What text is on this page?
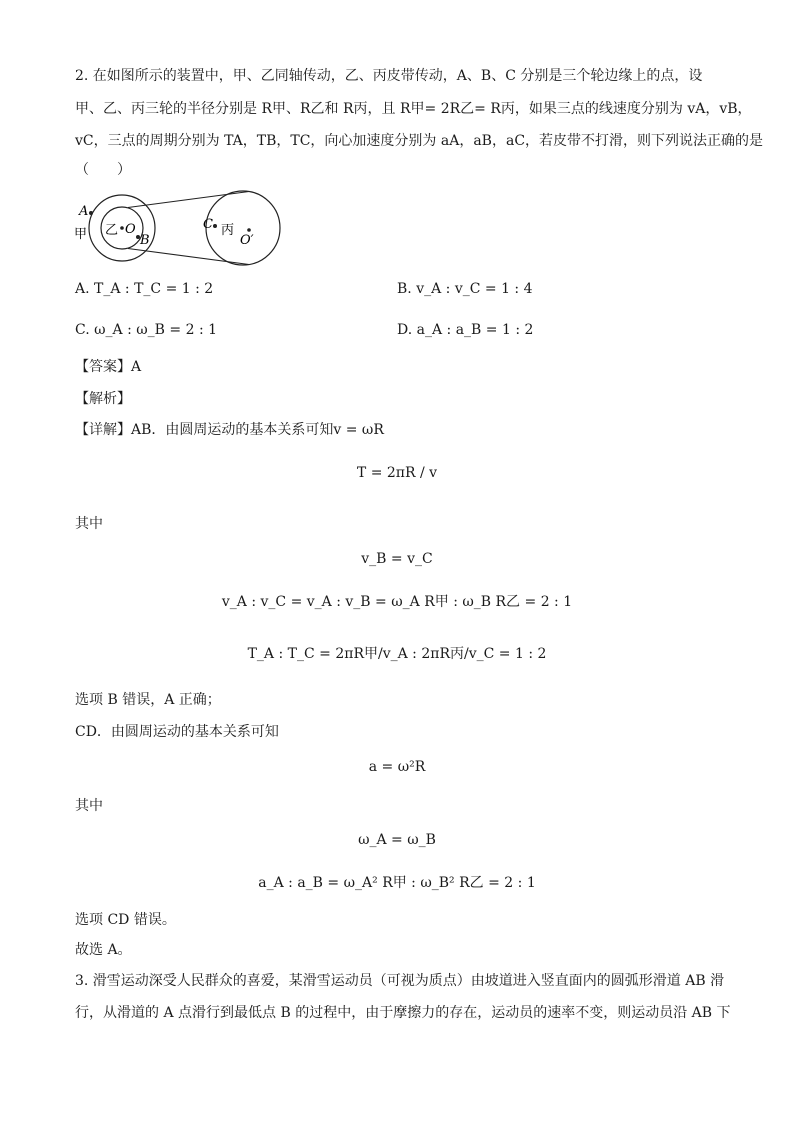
2. 在如图所示的装置中，甲、乙同轴传动，乙、丙皮带传动，A、B、C 分别是三个轮边缘上的点，设
甲、乙、丙三轮的半径分别是 R甲、R乙和 R丙，且 R甲= 2R乙= R丙，如果三点的线速度分别为 vA，vB，
vC，三点的周期分别为 TA，TB，TC，向心加速度分别为 aA，aB，aC，若皮带不打滑，则下列说法正确的是
（　　）
A
甲 乙 O
B
C 丙
O′
A. T_A : T_C = 1 : 2	B. v_A : v_C = 1 : 4
C. ω_A : ω_B = 2 : 1	D. a_A : a_B = 1 : 2
【答案】A
【解析】
【详解】AB．由圆周运动的基本关系可知v = ωR
T = 2πR / v
其中
v_B = v_C
v_A : v_C = v_A : v_B = ω_A R甲 : ω_B R乙 = 2 : 1
T_A : T_C = 2πR甲/v_A : 2πR丙/v_C = 1 : 2
选项 B 错误，A 正确；
CD．由圆周运动的基本关系可知
a = ω²R
其中
ω_A = ω_B
a_A : a_B = ω_A² R甲 : ω_B² R乙 = 2 : 1
选项 CD 错误。
故选 A。
3. 滑雪运动深受人民群众的喜爱，某滑雪运动员（可视为质点）由坡道进入竖直面内的圆弧形滑道 AB 滑
行，从滑道的 A 点滑行到最低点 B 的过程中，由于摩擦力的存在，运动员的速率不变，则运动员沿 AB 下
